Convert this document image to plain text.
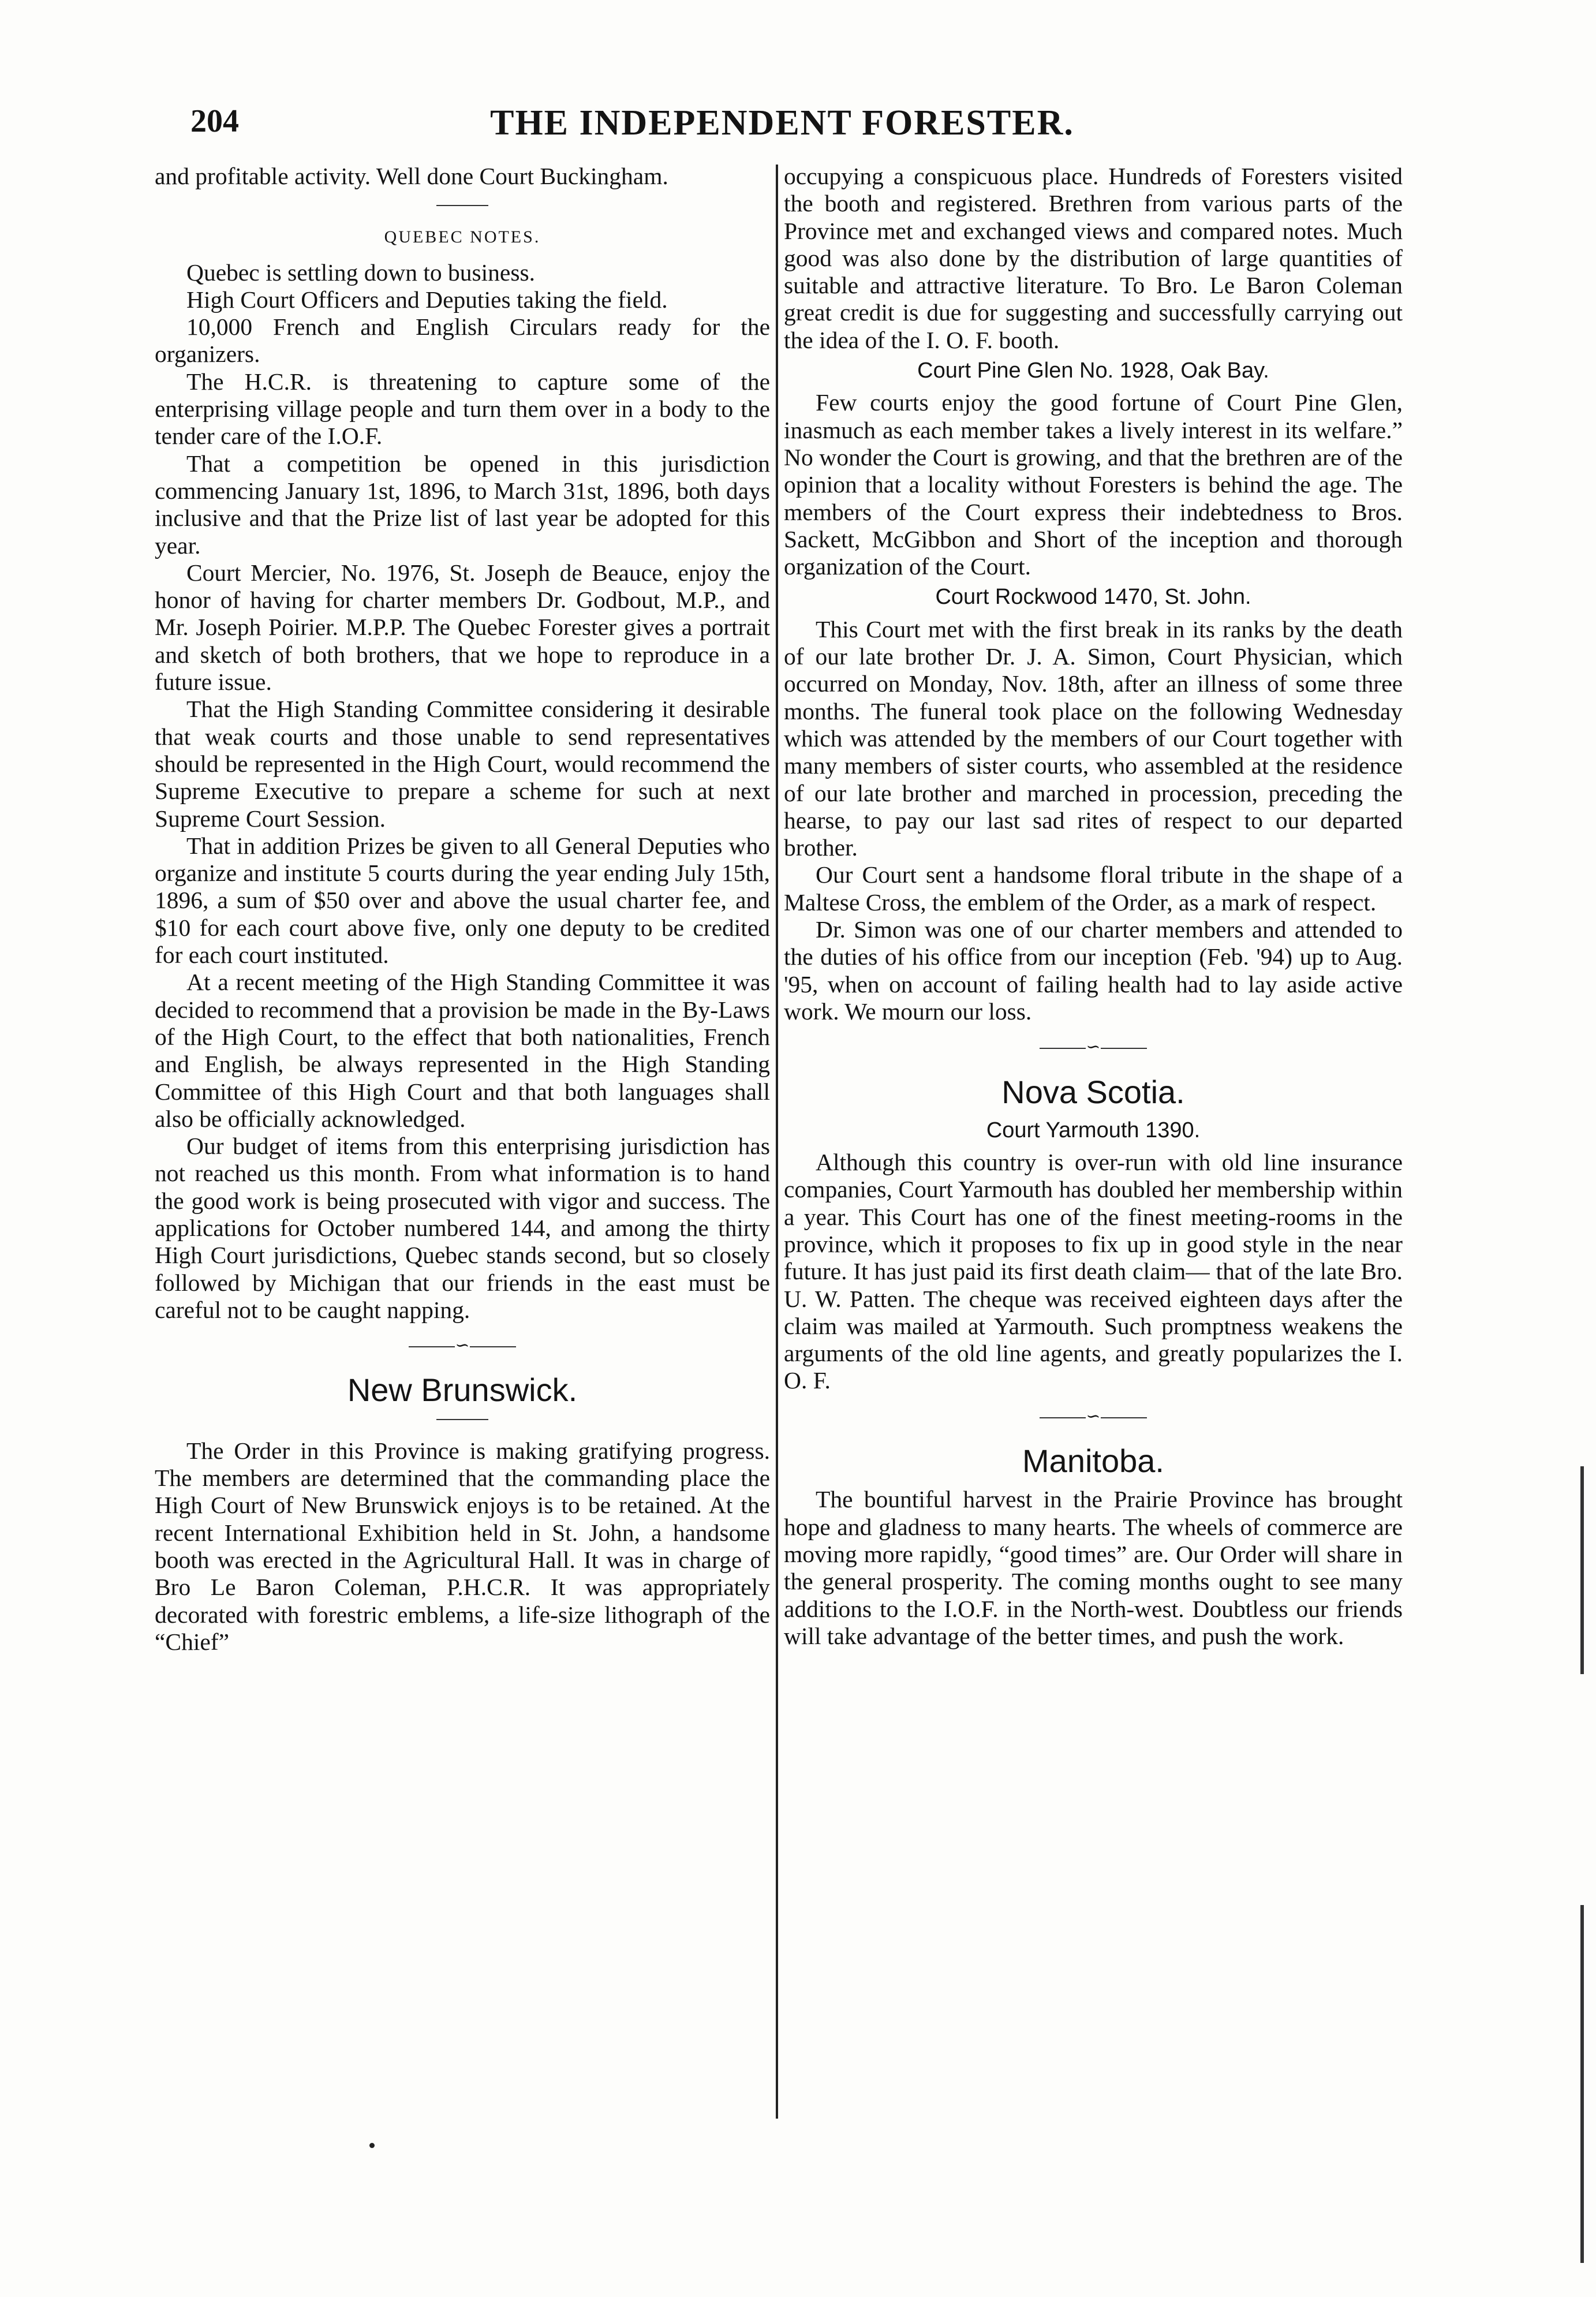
204	THE INDEPENDENT FORESTER.

and profitable activity. Well done Court Buckingham.

QUEBEC NOTES.

Quebec is settling down to business.

High Court Officers and Deputies taking the field.

10,000 French and English Circulars ready for the organizers.

The H.C.R. is threatening to capture some of the enterprising village people and turn them over in a body to the tender care of the I.O.F.

That a competition be opened in this jurisdiction commencing January 1st, 1896, to March 31st, 1896, both days inclusive and that the Prize list of last year be adopted for this year.

Court Mercier, No. 1976, St. Joseph de Beauce, enjoy the honor of having for charter members Dr. Godbout, M.P., and Mr. Joseph Poirier. M.P.P. The Quebec Forester gives a portrait and sketch of both brothers, that we hope to reproduce in a future issue.

That the High Standing Committee considering it desirable that weak courts and those unable to send representatives should be represented in the High Court, would recommend the Supreme Executive to prepare a scheme for such at next Supreme Court Session.

That in addition Prizes be given to all General Deputies who organize and institute 5 courts during the year ending July 15th, 1896, a sum of $50 over and above the usual charter fee, and $10 for each court above five, only one deputy to be credited for each court instituted.

At a recent meeting of the High Standing Committee it was decided to recommend that a provision be made in the By-Laws of the High Court, to the effect that both nationalities, French and English, be always represented in the High Standing Committee of this High Court and that both languages shall also be officially acknowledged.

Our budget of items from this enterprising jurisdiction has not reached us this month. From what information is to hand the good work is being prosecuted with vigor and success. The applications for October numbered 144, and among the thirty High Court jurisdictions, Quebec stands second, but so closely followed by Michigan that our friends in the east must be careful not to be caught napping.

∽
New Brunswick.

The Order in this Province is making gratifying progress. The members are determined that the commanding place the High Court of New Brunswick enjoys is to be retained. At the recent International Exhibition held in St. John, a handsome booth was erected in the Agricultural Hall. It was in charge of Bro Le Baron Coleman, P.H.C.R. It was appropriately decorated with forestric emblems, a life-size lithograph of the “Chief”

occupying a conspicuous place. Hundreds of Foresters visited the booth and registered. Brethren from various parts of the Province met and exchanged views and compared notes. Much good was also done by the distribution of large quantities of suitable and attractive literature. To Bro. Le Baron Coleman great credit is due for suggesting and successfully carrying out the idea of the I. O. F. booth.

Court Pine Glen No. 1928, Oak Bay.

Few courts enjoy the good fortune of Court Pine Glen, inasmuch as each member takes a lively interest in its welfare.” No wonder the Court is growing, and that the brethren are of the opinion that a locality without Foresters is behind the age. The members of the Court express their indebtedness to Bros. Sackett, McGibbon and Short of the inception and thorough organization of the Court.

Court Rockwood 1470, St. John.

This Court met with the first break in its ranks by the death of our late brother Dr. J. A. Simon, Court Physician, which occurred on Monday, Nov. 18th, after an illness of some three months. The funeral took place on the following Wednesday which was attended by the members of our Court together with many members of sister courts, who assembled at the residence of our late brother and marched in procession, preceding the hearse, to pay our last sad rites of respect to our departed brother.

Our Court sent a handsome floral tribute in the shape of a Maltese Cross, the emblem of the Order, as a mark of respect.

Dr. Simon was one of our charter members and attended to the duties of his office from our inception (Feb. '94) up to Aug. '95, when on account of failing health had to lay aside active work. We mourn our loss.

∽
Nova Scotia.
Court Yarmouth 1390.

Although this country is over-run with old line insurance companies, Court Yarmouth has doubled her membership within a year. This Court has one of the finest meeting-rooms in the province, which it proposes to fix up in good style in the near future. It has just paid its first death claim— that of the late Bro. U. W. Patten. The cheque was received eighteen days after the claim was mailed at Yarmouth. Such promptness weakens the arguments of the old line agents, and greatly popularizes the I. O. F.

∽
Manitoba.

The bountiful harvest in the Prairie Province has brought hope and gladness to many hearts. The wheels of commerce are moving more rapidly, “good times” are. Our Order will share in the general prosperity. The coming months ought to see many additions to the I.O.F. in the North-west. Doubtless our friends will take advantage of the better times, and push the work.
